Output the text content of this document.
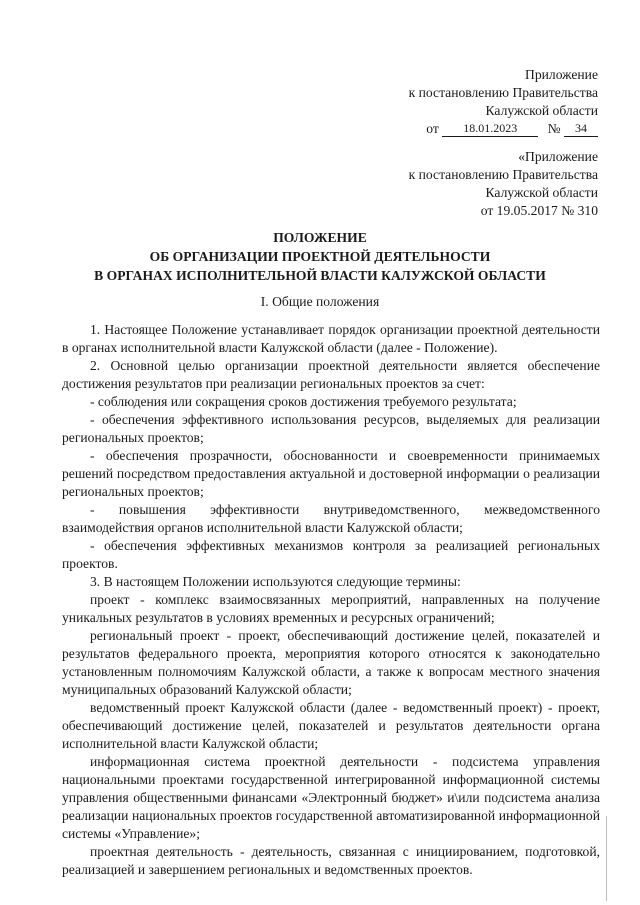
Приложение
к постановлению Правительства
Калужской области
от 18.01.2023 № 34
«Приложение
к постановлению Правительства
Калужской области
от 19.05.2017 № 310
ПОЛОЖЕНИЕ
ОБ ОРГАНИЗАЦИИ ПРОЕКТНОЙ ДЕЯТЕЛЬНОСТИ
В ОРГАНАХ ИСПОЛНИТЕЛЬНОЙ ВЛАСТИ КАЛУЖСКОЙ ОБЛАСТИ
I. Общие положения

1. Настоящее Положение устанавливает порядок организации проектной деятельности в органах исполнительной власти Калужской области (далее - Положение).

2. Основной целью организации проектной деятельности является обеспечение достижения результатов при реализации региональных проектов за счет:

- соблюдения или сокращения сроков достижения требуемого результата;

- обеспечения эффективного использования ресурсов, выделяемых для реализации региональных проектов;

- обеспечения прозрачности, обоснованности и своевременности принимаемых решений посредством предоставления актуальной и достоверной информации о реализации региональных проектов;

- повышения эффективности внутриведомственного, межведомственного взаимодействия органов исполнительной власти Калужской области;

- обеспечения эффективных механизмов контроля за реализацией региональных проектов.

3. В настоящем Положении используются следующие термины:

проект - комплекс взаимосвязанных мероприятий, направленных на получение уникальных результатов в условиях временных и ресурсных ограничений;

региональный проект - проект, обеспечивающий достижение целей, показателей и результатов федерального проекта, мероприятия которого относятся к законодательно установленным полномочиям Калужской области, а также к вопросам местного значения муниципальных образований Калужской области;

ведомственный проект Калужской области (далее - ведомственный проект) - проект, обеспечивающий достижение целей, показателей и результатов деятельности органа исполнительной власти Калужской области;

информационная система проектной деятельности - подсистема управления национальными проектами государственной интегрированной информационной системы управления общественными финансами «Электронный бюджет» и\или подсистема анализа реализации национальных проектов государственной автоматизированной информационной системы «Управление»;

проектная деятельность - деятельность, связанная с инициированием, подготовкой, реализацией и завершением региональных и ведомственных проектов.
